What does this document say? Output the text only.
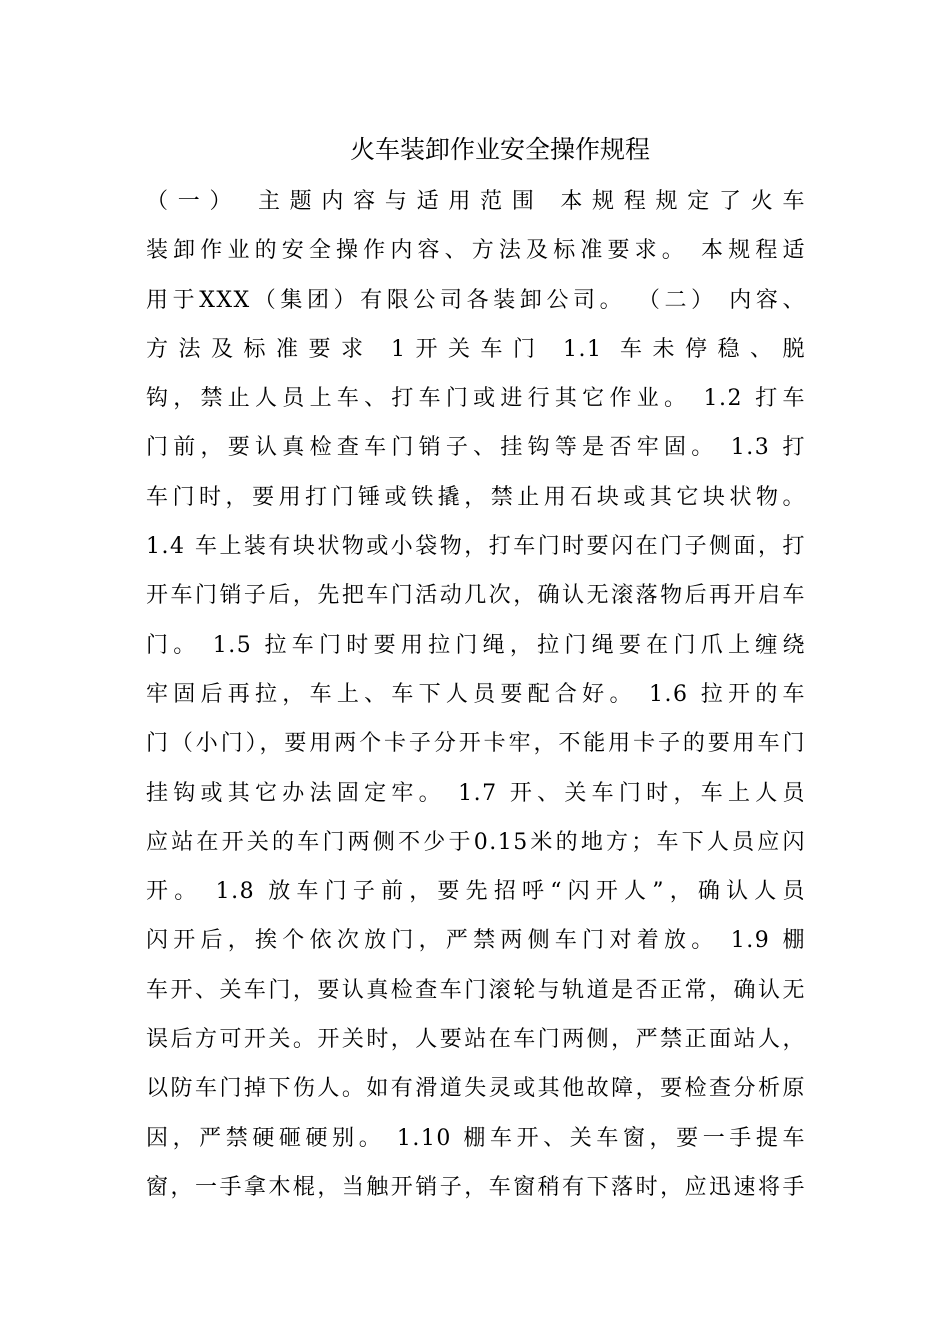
火车装卸作业安全操作规程
（一） 主题内容与适用范围 本规程规定了火车
装卸作业的安全操作内容、方法及标准要求。 本规程适
用于XXX（集团）有限公司各装卸公司。 （二） 内容、
方法及标准要求 1开关车门 1.1 车未停稳、脱
钩，禁止人员上车、打车门或进行其它作业。 1.2 打车
门前，要认真检查车门销子、挂钩等是否牢固。 1.3 打
车门时，要用打门锤或铁撬，禁止用石块或其它块状物。
1.4 车上装有块状物或小袋物，打车门时要闪在门子侧面，打
开车门销子后，先把车门活动几次，确认无滚落物后再开启车
门。 1.5 拉车门时要用拉门绳，拉门绳要在门爪上缠绕
牢固后再拉，车上、车下人员要配合好。 1.6 拉开的车
门（小门），要用两个卡子分开卡牢，不能用卡子的要用车门
挂钩或其它办法固定牢。 1.7 开、关车门时，车上人员
应站在开关的车门两侧不少于0.15米的地方；车下人员应闪
开。 1.8 放车门子前，要先招呼“闪开人”，确认人员
闪开后，挨个依次放门，严禁两侧车门对着放。 1.9 棚
车开、关车门，要认真检查车门滚轮与轨道是否正常，确认无
误后方可开关。开关时，人要站在车门两侧，严禁正面站人，
以防车门掉下伤人。如有滑道失灵或其他故障，要检查分析原
因，严禁硬砸硬别。 1.10 棚车开、关车窗，要一手提车
窗，一手拿木棍，当触开销子，车窗稍有下落时，应迅速将手
